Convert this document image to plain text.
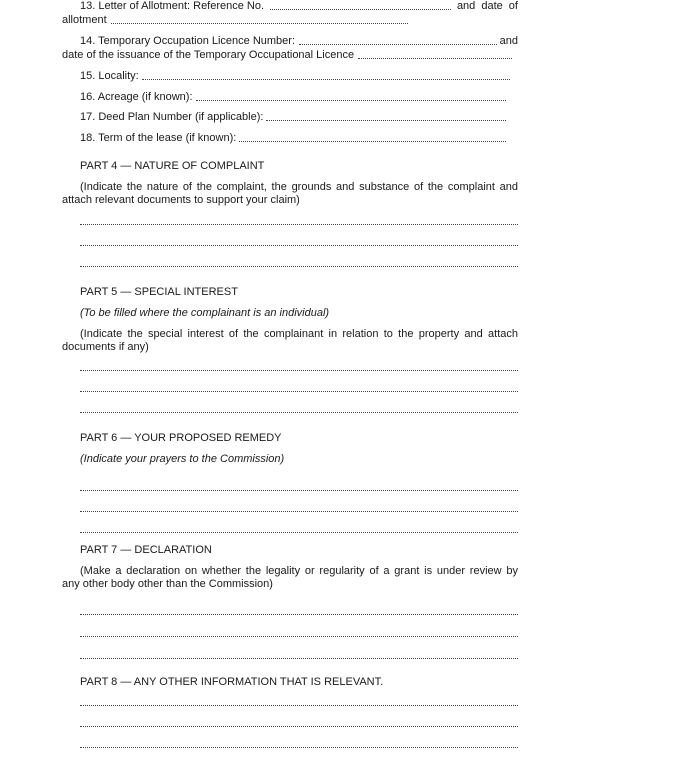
13. Letter of Allotment: Reference No.	and date of
allotment
14. Temporary Occupation Licence Number:	and
date of the issuance of the Temporary Occupational Licence
15. Locality:
16. Acreage (if known):
17. Deed Plan Number (if applicable):
18. Term of the lease (if known):
PART 4 — NATURE OF COMPLAINT
(Indicate the nature of the complaint, the grounds and substance of the complaint and
attach relevant documents to support your claim)
PART 5 — SPECIAL INTEREST
(To be filled where the complainant is an individual)
(Indicate the special interest of the complainant in relation to the property and attach
documents if any)
PART 6 — YOUR PROPOSED REMEDY
(Indicate your prayers to the Commission)
PART 7 — DECLARATION
(Make a declaration on whether the legality or regularity of a grant is under review by
any other body other than the Commission)
PART 8 — ANY OTHER INFORMATION THAT IS RELEVANT.
